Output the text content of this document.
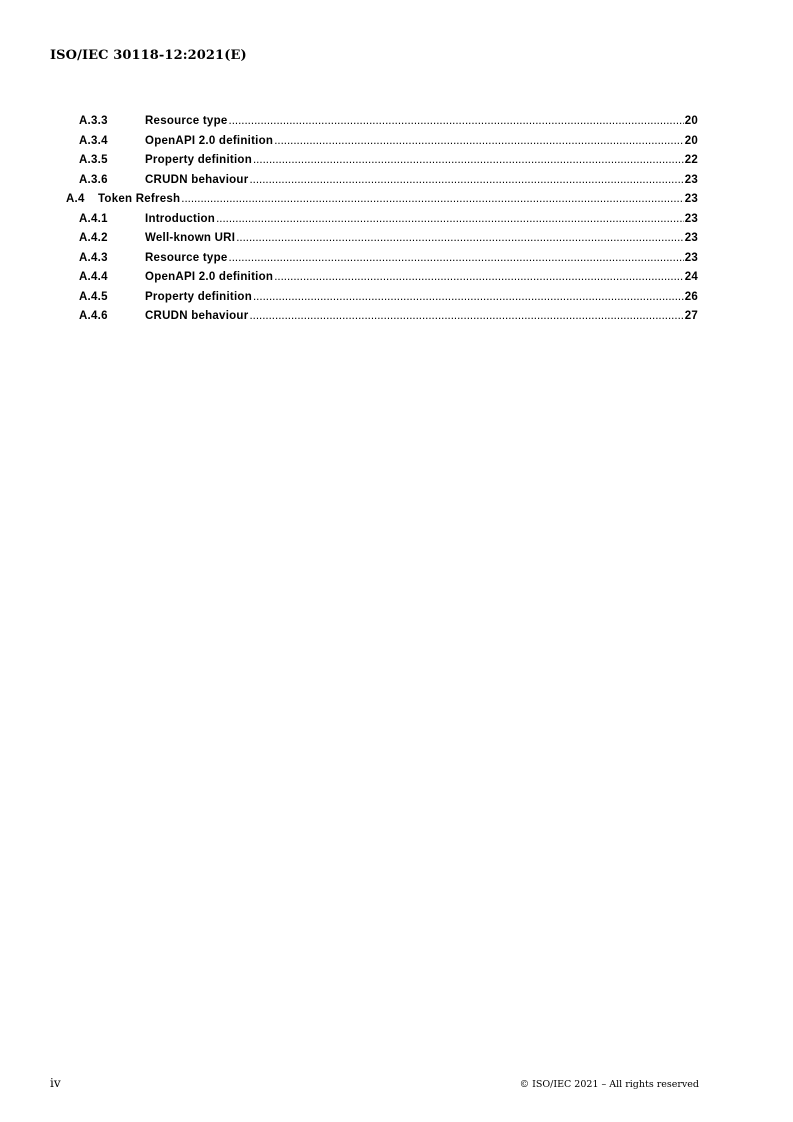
ISO/IEC 30118-12:2021(E)
A.3.3	Resource type .....	20
A.3.4	OpenAPI 2.0 definition .....	20
A.3.5	Property definition .....	22
A.3.6	CRUDN behaviour .....	23
A.4	Token Refresh .....	23
A.4.1	Introduction .....	23
A.4.2	Well-known URI .....	23
A.4.3	Resource type .....	23
A.4.4	OpenAPI 2.0 definition .....	24
A.4.5	Property definition .....	26
A.4.6	CRUDN behaviour .....	27
iv	© ISO/IEC 2021 – All rights reserved
